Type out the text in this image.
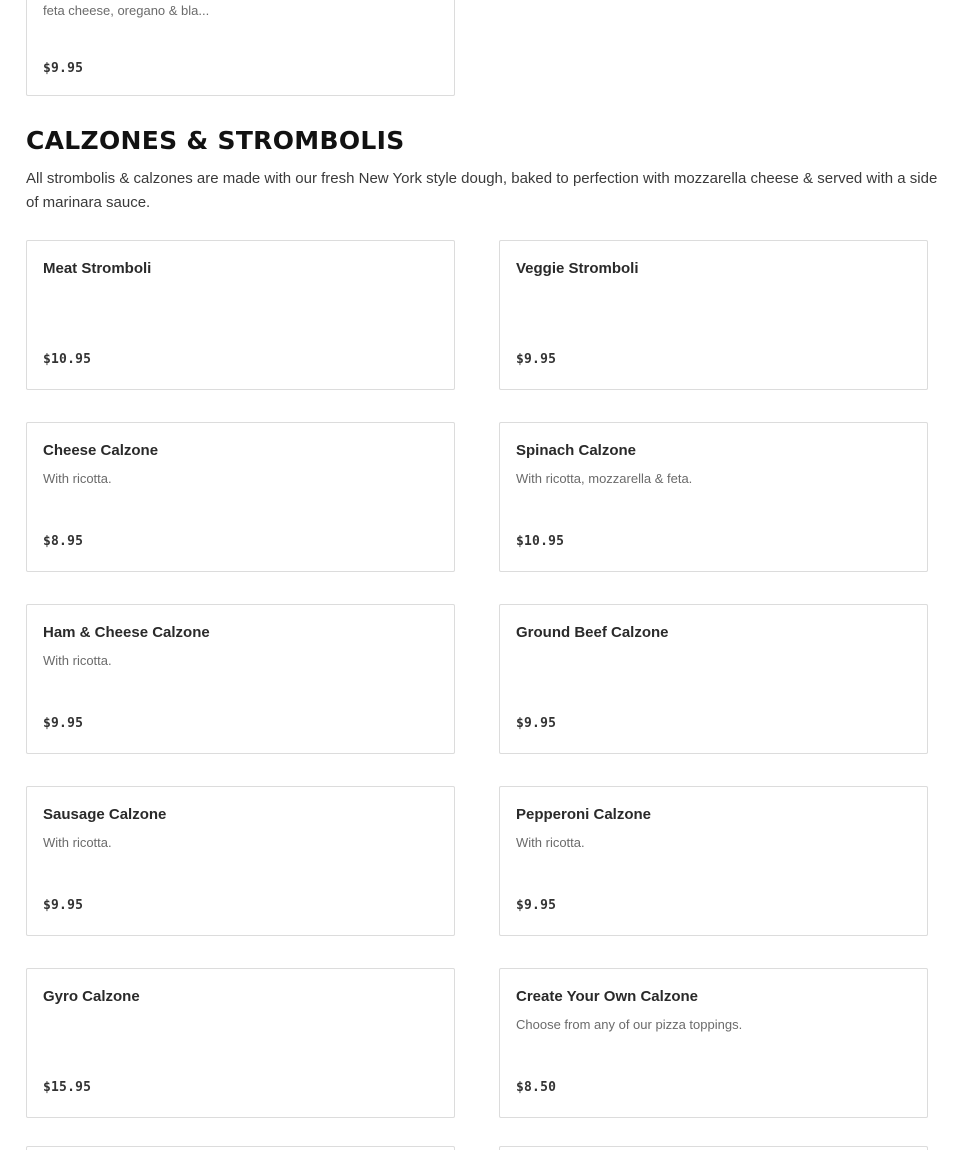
feta cheese, oregano & bla...
$9.95
CALZONES & STROMBOLIS

All strombolis & calzones are made with our fresh New York style dough, baked to perfection with mozzarella cheese & served with a side of marinara sauce.

Meat Stromboli
$10.95
Veggie Stromboli
$9.95
Cheese Calzone
With ricotta.
$8.95
Spinach Calzone
With ricotta, mozzarella & feta.
$10.95
Ham & Cheese Calzone
With ricotta.
$9.95
Ground Beef Calzone
$9.95
Sausage Calzone
With ricotta.
$9.95
Pepperoni Calzone
With ricotta.
$9.95
Gyro Calzone
$15.95
Create Your Own Calzone
Choose from any of our pizza toppings.
$8.50
